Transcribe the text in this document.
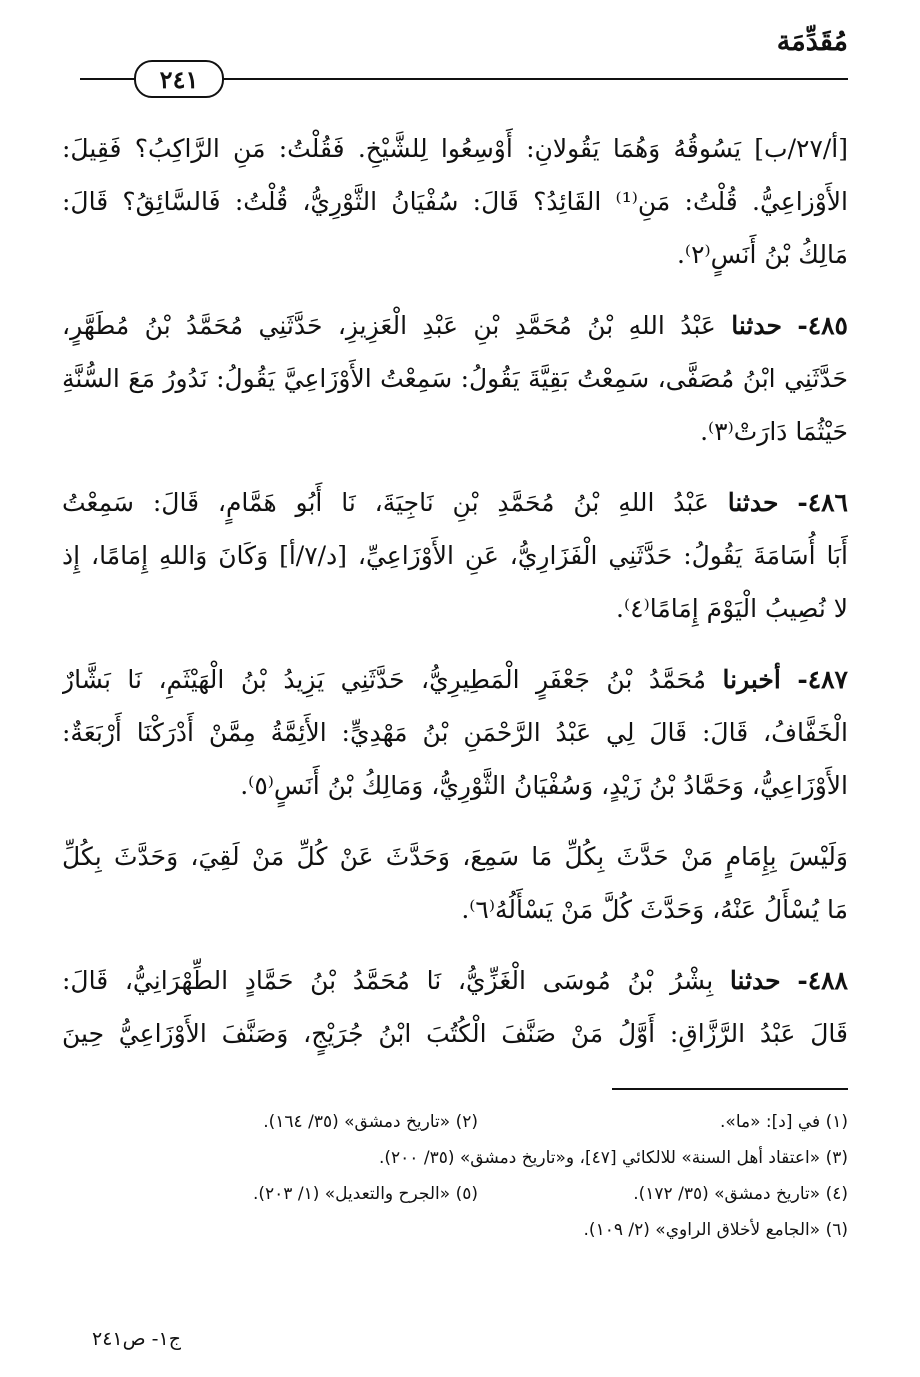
مُقَدِّمَة
٢٤١
[أ/٢٧/ب] يَسُوقُهُ وَهُمَا يَقُولانِ: أَوْسِعُوا لِلشَّيْخِ. فَقُلْتُ: مَنِ الرَّاكِبُ؟ فَقِيلَ:
الأَوْزاعِيُّ. قُلْتُ: مَنِ⁽¹⁾ القَائِدُ؟ قَالَ: سُفْيَانُ الثَّوْرِيُّ، قُلْتُ: فَالسَّائِقُ؟ قَالَ:
مَالِكُ بْنُ أَنَسٍ⁽٢⁾.
٤٨٥- حدثنا عَبْدُ اللهِ بْنُ مُحَمَّدِ بْنِ عَبْدِ الْعَزِيزِ، حَدَّثَنِي مُحَمَّدُ بْنُ مُطَهَّرٍ،
حَدَّثَنِي ابْنُ مُصَفَّى، سَمِعْتُ بَقِيَّةَ يَقُولُ: سَمِعْتُ الأَوْزَاعِيَّ يَقُولُ: نَدُورُ مَعَ السُّنَّةِ
حَيْثُمَا دَارَتْ⁽٣⁾.
٤٨٦- حدثنا عَبْدُ اللهِ بْنُ مُحَمَّدِ بْنِ نَاجِيَةَ، نَا أَبُو هَمَّامٍ، قَالَ: سَمِعْتُ
أَبَا أُسَامَةَ يَقُولُ: حَدَّثَنِي الْفَزَارِيُّ، عَنِ الأَوْزَاعِيِّ، [د/٧/أ] وَكَانَ وَاللهِ إِمَامًا، إِذ
لا نُصِيبُ الْيَوْمَ إِمَامًا⁽٤⁾.
٤٨٧- أخبرنا مُحَمَّدُ بْنُ جَعْفَرٍ الْمَطِيرِيُّ، حَدَّثَنِي يَزِيدُ بْنُ الْهَيْثَمِ، نَا بَشَّارٌ
الْخَفَّافُ، قَالَ: قَالَ لِي عَبْدُ الرَّحْمَنِ بْنُ مَهْدِيٍّ: الأَئِمَّةُ مِمَّنْ أَدْرَكْنَا أَرْبَعَةٌ:
الأَوْزَاعِيُّ، وَحَمَّادُ بْنُ زَيْدٍ، وَسُفْيَانُ الثَّوْرِيُّ، وَمَالِكُ بْنُ أَنَسٍ⁽٥⁾.
وَلَيْسَ بِإِمَامٍ مَنْ حَدَّثَ بِكُلِّ مَا سَمِعَ، وَحَدَّثَ عَنْ كُلِّ مَنْ لَقِيَ، وَحَدَّثَ بِكُلِّ
مَا يُسْأَلُ عَنْهُ، وَحَدَّثَ كُلَّ مَنْ يَسْأَلُهُ⁽٦⁾.
٤٨٨- حدثنا بِشْرُ بْنُ مُوسَى الْغَزِّيُّ، نَا مُحَمَّدُ بْنُ حَمَّادٍ الطِّهْرَانِيُّ، قَالَ:
قَالَ عَبْدُ الرَّزَّاقِ: أَوَّلُ مَنْ صَنَّفَ الْكُتُبَ ابْنُ جُرَيْجٍ، وَصَنَّفَ الأَوْزَاعِيُّ حِينَ
(١) في [د]: «ما».
(٢) «تاريخ دمشق» (٣٥/ ١٦٤).
(٣) «اعتقاد أهل السنة» للالكائي [٤٧]، و«تاريخ دمشق» (٣٥/ ٢٠٠).
(٤) «تاريخ دمشق» (٣٥/ ١٧٢).
(٥) «الجرح والتعديل» (١/ ٢٠٣).
(٦) «الجامع لأخلاق الراوي» (٢/ ١٠٩).
ج١- ص٢٤١
